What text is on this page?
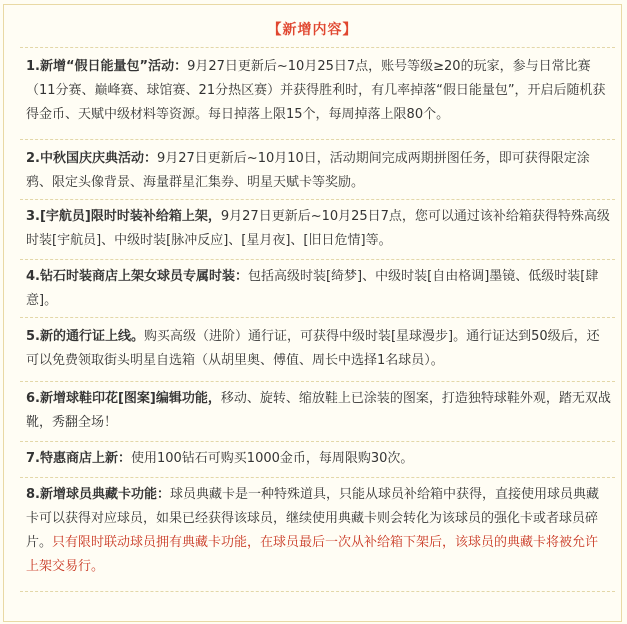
【新增内容】
1.新增“假日能量包”活动：9月27日更新后~10月25日7点，账号等级≥20的玩家，参与日常比赛（11分赛、巅峰赛、球馆赛、21分热区赛）并获得胜利时，有几率掉落“假日能量包”，开启后随机获得金币、天赋中级材料等资源。每日掉落上限15个，每周掉落上限80个。
2.中秋国庆庆典活动：9月27日更新后~10月10日，活动期间完成两期拼图任务，即可获得限定涂鸦、限定头像背景、海量群星汇集券、明星天赋卡等奖励。
3.[宇航员]限时时装补给箱上架，9月27日更新后~10月25日7点，您可以通过该补给箱获得特殊高级时装[宇航员]、中级时装[脉冲反应]、[星月夜]、[旧日危情]等。
4.钻石时装商店上架女球员专属时装：包括高级时装[绮梦]、中级时装[自由格调]墨镜、低级时装[肆意]。
5.新的通行证上线。购买高级（进阶）通行证，可获得中级时装[星球漫步]。通行证达到50级后，还可以免费领取街头明星自选箱（从胡里奥、傅值、周长中选择1名球员）。
6.新增球鞋印花[图案]编辑功能，移动、旋转、缩放鞋上已涂装的图案，打造独特球鞋外观，踏无双战靴，秀翻全场！
7.特惠商店上新：使用100钻石可购买1000金币，每周限购30次。
8.新增球员典藏卡功能：球员典藏卡是一种特殊道具，只能从球员补给箱中获得，直接使用球员典藏卡可以获得对应球员，如果已经获得该球员，继续使用典藏卡则会转化为该球员的强化卡或者球员碎片。只有限时联动球员拥有典藏卡功能，在球员最后一次从补给箱下架后，该球员的典藏卡将被允许上架交易行。
